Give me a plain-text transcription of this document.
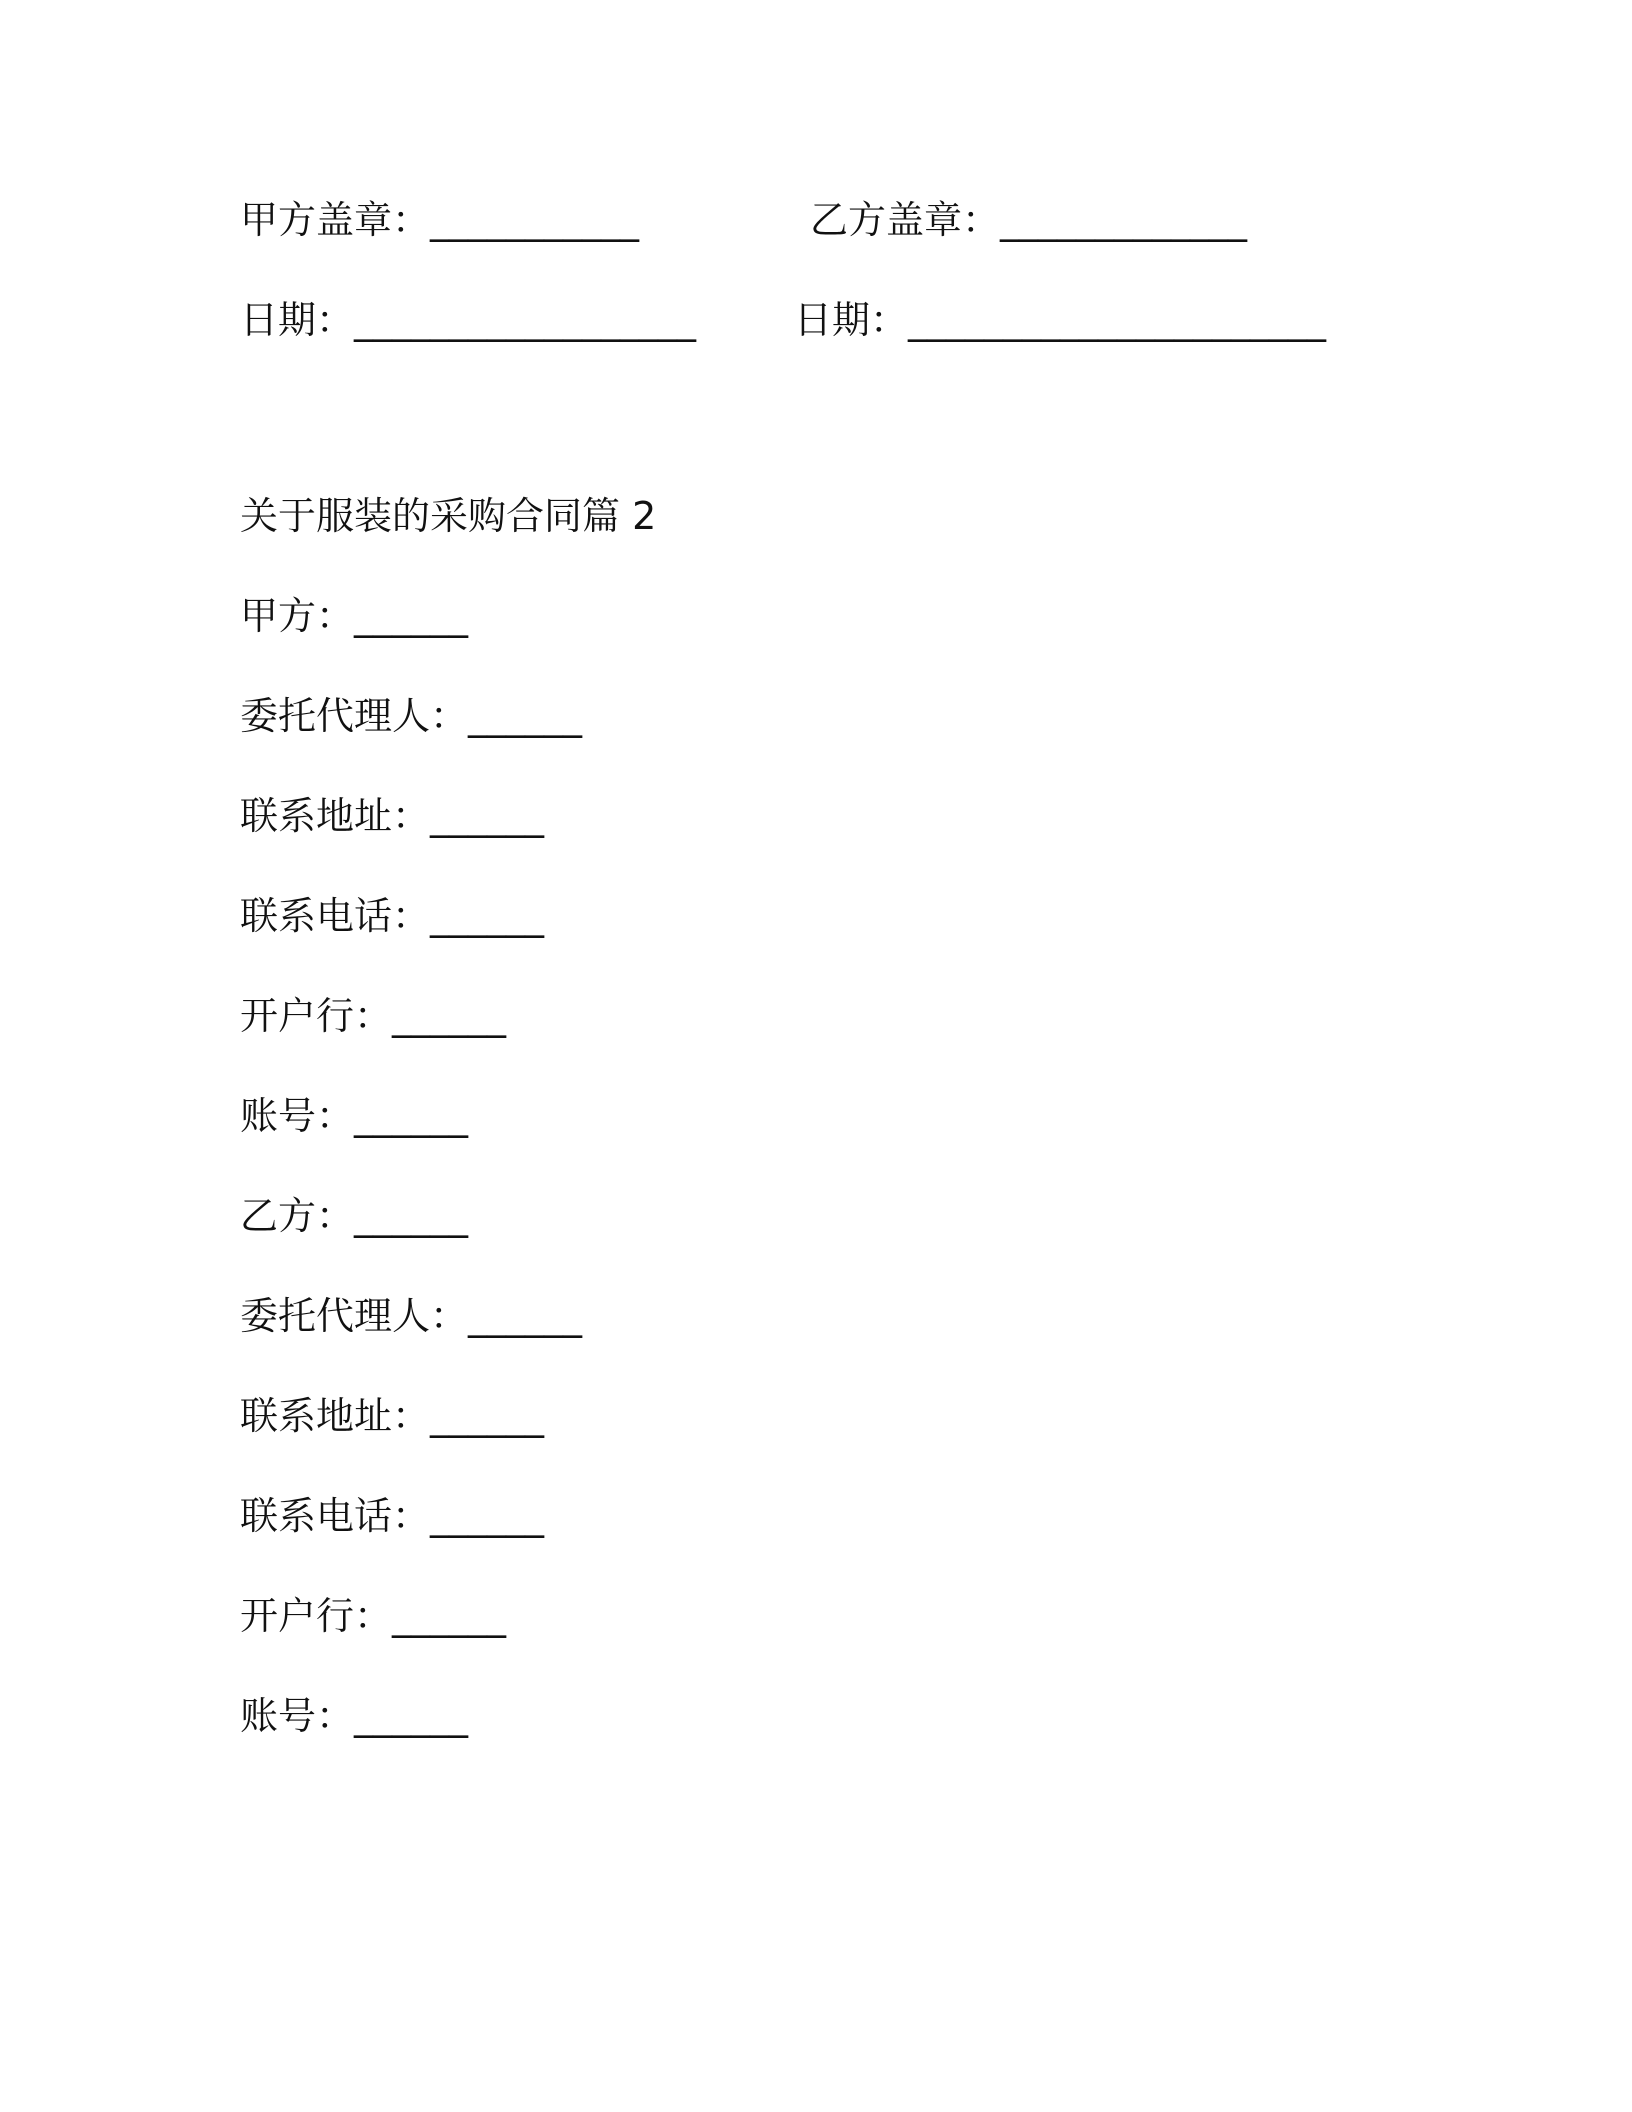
甲方盖章：___________	乙方盖章：_____________
日期：__________________	日期：______________________
关于服装的采购合同篇 2
甲方：______
委托代理人：______
联系地址：______
联系电话：______
开户行：______
账号：______
乙方：______
委托代理人：______
联系地址：______
联系电话：______
开户行：______
账号：______
